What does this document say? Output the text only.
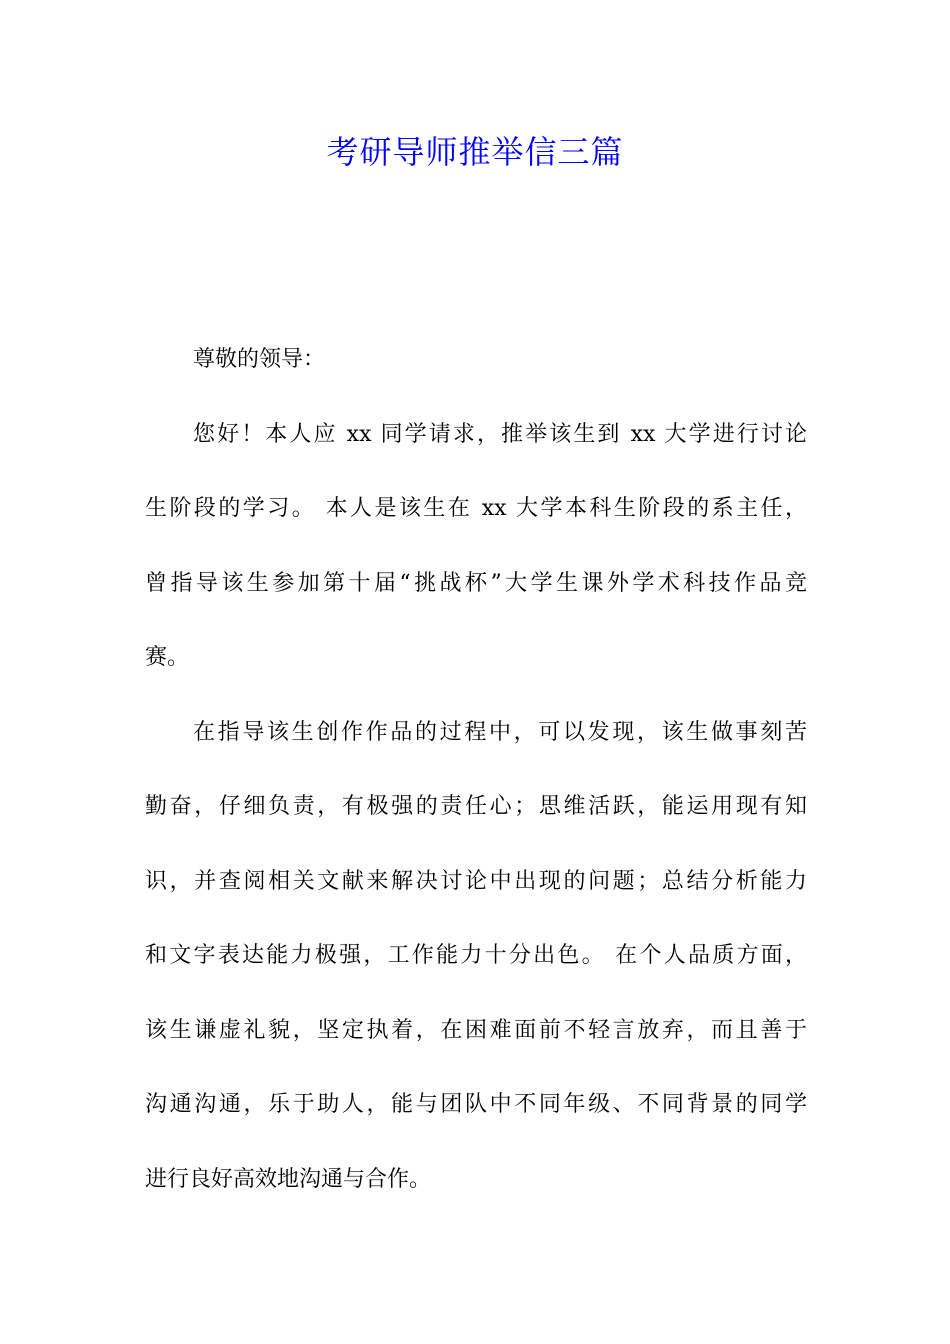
考研导师推举信三篇
尊敬的领导：
您好！本人应 xx 同学请求，推举该生到 xx 大学进行讨论
生阶段的学习。 本人是该生在 xx 大学本科生阶段的系主任，
曾指导该生参加第十届“挑战杯”大学生课外学术科技作品竞
赛。
在指导该生创作作品的过程中，可以发现，该生做事刻苦
勤奋，仔细负责，有极强的责任心；思维活跃，能运用现有知
识，并查阅相关文献来解决讨论中出现的问题；总结分析能力
和文字表达能力极强，工作能力十分出色。 在个人品质方面，
该生谦虚礼貌，坚定执着，在困难面前不轻言放弃，而且善于
沟通沟通，乐于助人，能与团队中不同年级、不同背景的同学
进行良好高效地沟通与合作。
